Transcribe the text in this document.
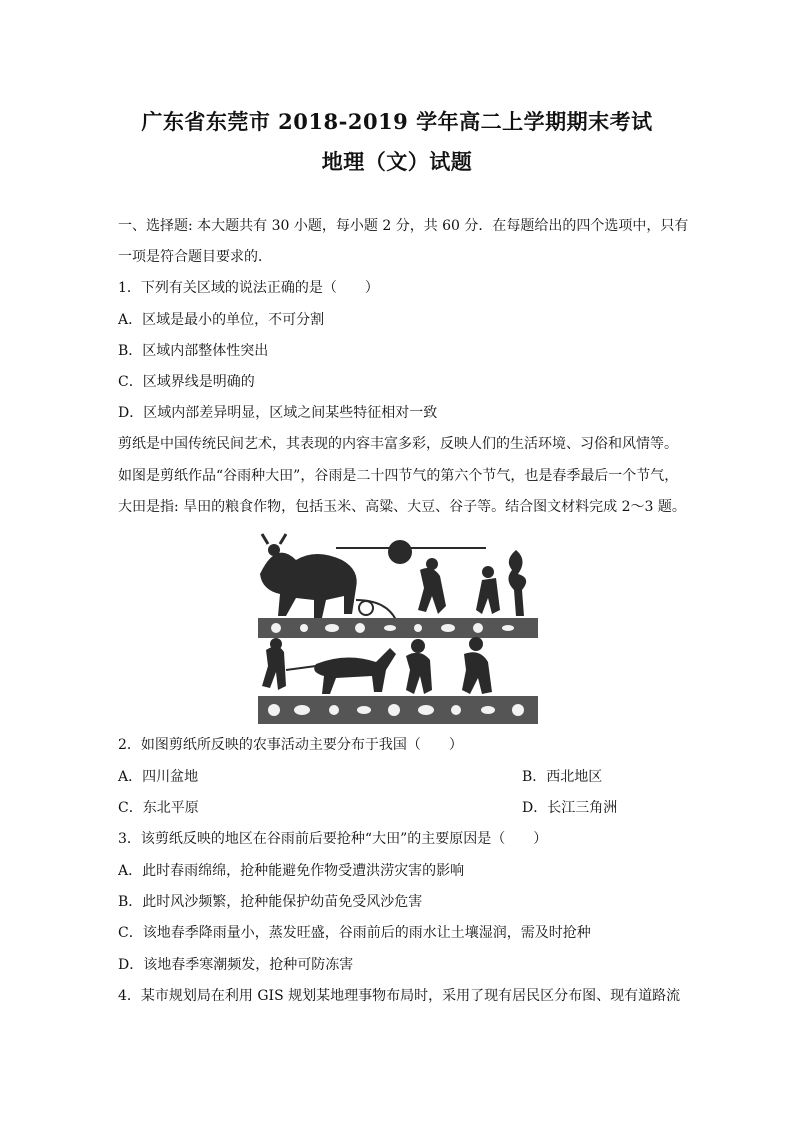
广东省东莞市 2018-2019 学年高二上学期期末考试
地理（文）试题
一、选择题: 本大题共有 30 小题，每小题 2 分，共 60 分．在每题给出的四个选项中，只有
一项是符合题目要求的．
1．下列有关区域的说法正确的是（　　）
A．区域是最小的单位，不可分割
B．区域内部整体性突出
C．区域界线是明确的
D．区域内部差异明显，区域之间某些特征相对一致
剪纸是中国传统民间艺术，其表现的内容丰富多彩，反映人们的生活环境、习俗和风情等。
如图是剪纸作品“谷雨种大田”，谷雨是二十四节气的第六个节气，也是春季最后一个节气，
大田是指: 旱田的粮食作物，包括玉米、高粱、大豆、谷子等。结合图文材料完成 2～3 题。
2．如图剪纸所反映的农事活动主要分布于我国（　　）
A．四川盆地	B．西北地区
C．东北平原	D．长江三角洲
3．该剪纸反映的地区在谷雨前后要抢种“大田”的主要原因是（　　）
A．此时春雨绵绵，抢种能避免作物受遭洪涝灾害的影响
B．此时风沙频繁，抢种能保护幼苗免受风沙危害
C．该地春季降雨量小，蒸发旺盛，谷雨前后的雨水让土壤湿润，需及时抢种
D．该地春季寒潮频发，抢种可防冻害
4．某市规划局在利用 GIS 规划某地理事物布局时，采用了现有居民区分布图、现有道路流
